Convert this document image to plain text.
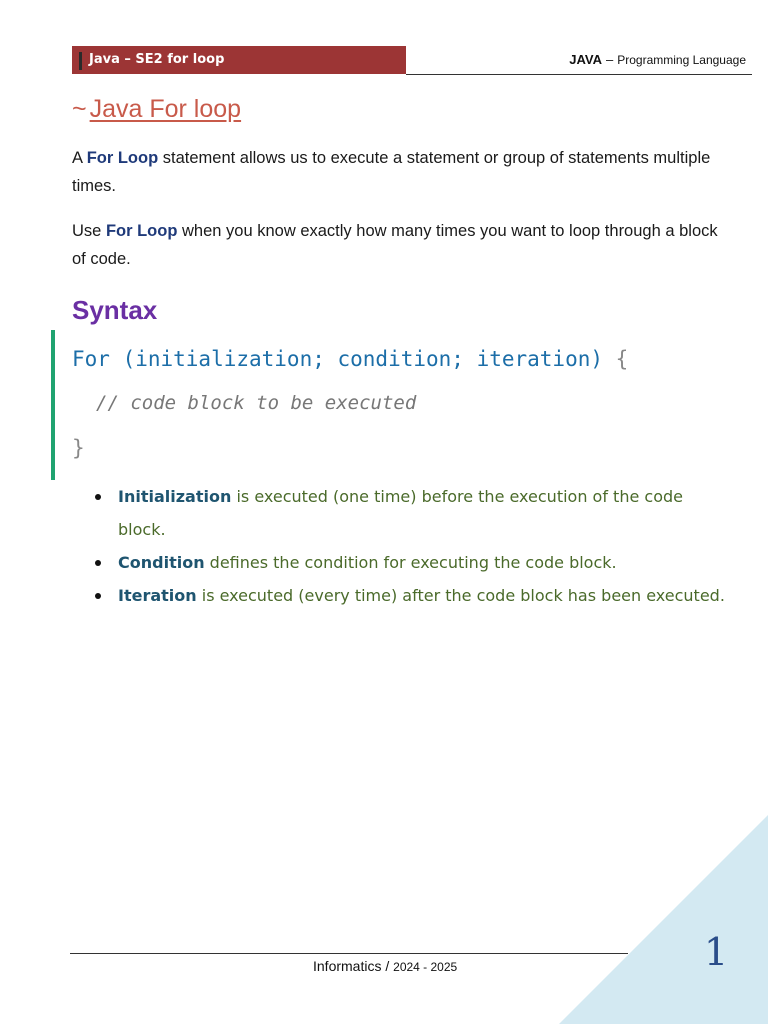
Java – SE2 for loop	JAVA – Programming Language
~ Java For loop
A For Loop statement allows us to execute a statement or group of statements multiple times.
Use For Loop when you know exactly how many times you want to loop through a block of code.
Syntax
For (initialization; condition; iteration) {
// code block to be executed
}
Initialization is executed (one time) before the execution of the code block.
Condition defines the condition for executing the code block.
Iteration is executed (every time) after the code block has been executed.
Informatics / 2024 - 2025	1
